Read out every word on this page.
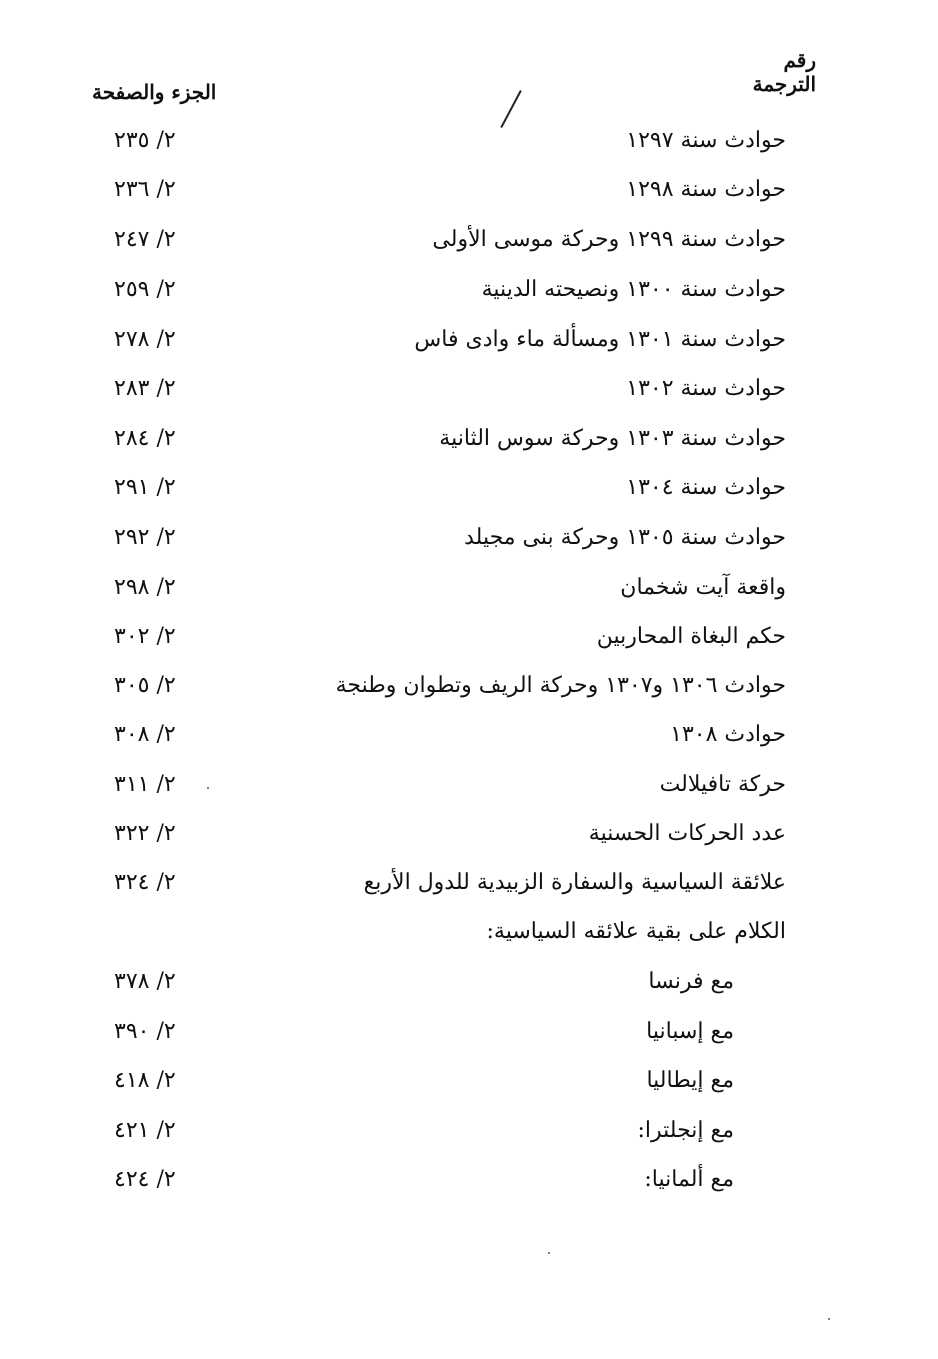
رقم
الترجمة
الجزء والصفحة
حوادث سنة ١٢٩٧
٢/ ٢٣٥
حوادث سنة ١٢٩٨
٢/ ٢٣٦
حوادث سنة ١٢٩٩ وحركة موسى الأولى
٢/ ٢٤٧
حوادث سنة ١٣٠٠ ونصيحته الدينية
٢/ ٢٥٩
حوادث سنة ١٣٠١ ومسألة ماء وادى فاس
٢/ ٢٧٨
حوادث سنة ١٣٠٢
٢/ ٢٨٣
حوادث سنة ١٣٠٣ وحركة سوس الثانية
٢/ ٢٨٤
حوادث سنة ١٣٠٤
٢/ ٢٩١
حوادث سنة ١٣٠٥ وحركة بنى مجيلد
٢/ ٢٩٢
واقعة آيت شخمان
٢/ ٢٩٨
حكم البغاة المحاربين
٢/ ٣٠٢
حوادث ١٣٠٦ و١٣٠٧ وحركة الريف وتطوان وطنجة
٢/ ٣٠٥
حوادث ١٣٠٨
٢/ ٣٠٨
حركة تافيلالت
٢/ ٣١١
عدد الحركات الحسنية
٢/ ٣٢٢
علائقة السياسية والسفارة الزبيدية للدول الأربع
٢/ ٣٢٤
الكلام على بقية علائقه السياسية:
مع فرنسا
٢/ ٣٧٨
مع إسبانيا
٢/ ٣٩٠
مع إيطاليا
٢/ ٤١٨
مع إنجلترا:
٢/ ٤٢١
مع ألمانيا:
٢/ ٤٢٤
